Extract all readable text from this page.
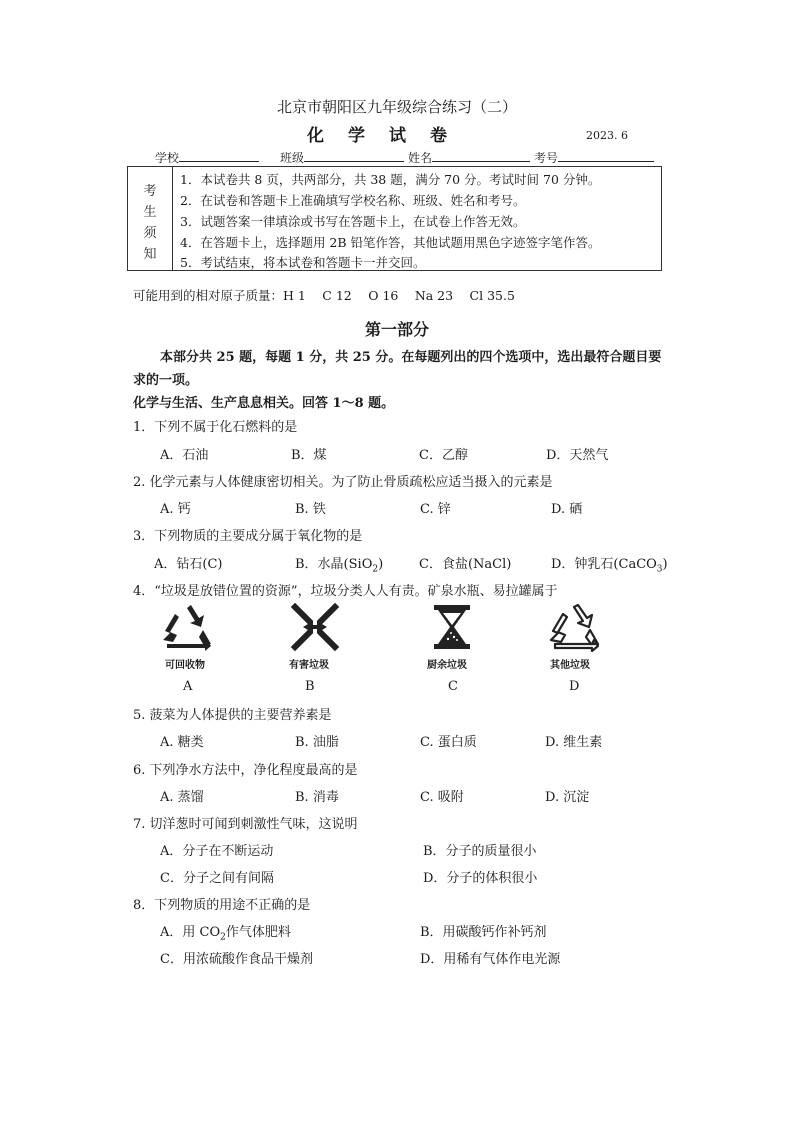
北京市朝阳区九年级综合练习（二）
化学试卷	2023. 6
学校	班级	姓名	考号
考
生
须
知
1．本试卷共 8 页，共两部分，共 38 题，满分 70 分。考试时间 70 分钟。
2．在试卷和答题卡上准确填写学校名称、班级、姓名和考号。
3．试题答案一律填涂或书写在答题卡上，在试卷上作答无效。
4．在答题卡上，选择题用 2B 铅笔作答，其他试题用黑色字迹签字笔作答。
5．考试结束，将本试卷和答题卡一并交回。
可能用到的相对原子质量：H 1　 C 12　 O 16　 Na 23　 Cl 35.5
第一部分
本部分共 25 题，每题 1 分，共 25 分。在每题列出的四个选项中，选出最符合题目要
求的一项。
化学与生活、生产息息相关。回答 1～8 题。
1．下列不属于化石燃料的是
A．石油	B．煤	C．乙醇	D．天然气
2. 化学元素与人体健康密切相关。为了防止骨质疏松应适当摄入的元素是
A. 钙	B. 铁	C. 锌	D. 硒
3．下列物质的主要成分属于氧化物的是
A．钻石(C)	B．水晶(SiO$_2$)	C．食盐(NaCl)	D．钟乳石(CaCO$_3$)
4．“垃圾是放错位置的资源”，垃圾分类人人有责。矿泉水瓶、易拉罐属于
可回收物
A
有害垃圾
B
厨余垃圾
C
其他垃圾
D
5. 菠菜为人体提供的主要营养素是
A. 糖类	B. 油脂	C. 蛋白质	D. 维生素
6. 下列净水方法中，净化程度最高的是
A. 蒸馏	B. 消毒	C. 吸附	D. 沉淀
7. 切洋葱时可闻到刺激性气味，这说明
A．分子在不断运动	B．分子的质量很小
C．分子之间有间隔	D．分子的体积很小
8．下列物质的用途不正确的是
A．用 $CO_2$作气体肥料	B．用碳酸钙作补钙剂
C．用浓硫酸作食品干燥剂	D．用稀有气体作电光源
